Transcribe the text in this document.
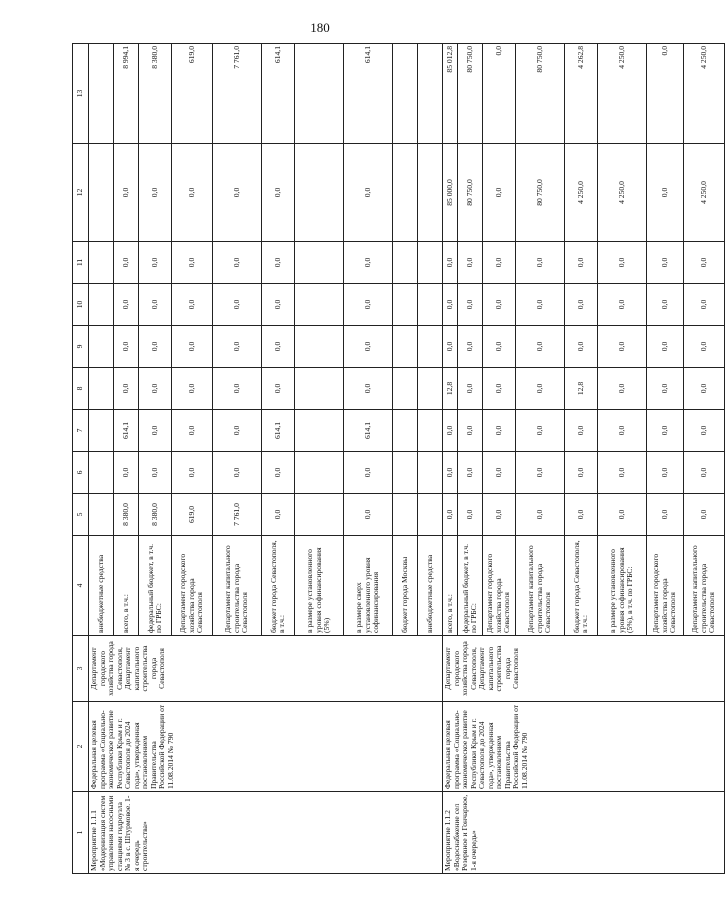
180
1	2	3	4	5	6	7	8	9	10	11	12	13
Мероприятие 1.1.1 «Модернизация систем управления насосными станциями гидроузла № 3 в с. Штурмовое. 1-я очередь строительства»	Федеральная целевая программа «Социально-экономическое развитие Республики Крым и г. Севастополя до 2024 года», утвержденная постановлением Правительства Российской Федерации от 11.08.2014 № 790	Департамент городского хозяйства города Севастополя, Департамент капитального строительства города Севастополя	внебюджетные средства									
			всего, в т.ч.:	8 380,0	0,0	614,1	0,0	0,0	0,0	0,0	0,0	8 994,1
			федеральный бюджет, в т.ч. по ГРБС:	8 380,0	0,0	0,0	0,0	0,0	0,0	0,0	0,0	8 380,0
			Департамент городского хозяйства города Севастополя	619,0	0,0	0,0	0,0	0,0	0,0	0,0	0,0	619,0
			Департамент капитального строительства города Севастополя	7 761,0	0,0	0,0	0,0	0,0	0,0	0,0	0,0	7 761,0
			бюджет города Севастополя, в т.ч.:	0,0	0,0	614,1	0,0	0,0	0,0	0,0	0,0	614,1
			в размере установленного уровня софинансирования (5%)									
			в размере сверх установленного уровня софинансирования	0,0	0,0	614,1	0,0	0,0	0,0	0,0	0,0	614,1
			бюджет города Москвы									
			внебюджетные средства									
Мероприятие 1.1.2 «Водоснабжение сел Резервное и Гончарное, 1-я очередь»	Федеральная целевая программа «Социально-экономическое развитие Республики Крым и г. Севастополя до 2024 года», утвержденная постановлением Правительства Российской Федерации от 11.08.2014 № 790	Департамент городского хозяйства города Севастополя, Департамент капитального строительства города Севастополя	всего, в т.ч.:	0,0	0,0	0,0	12,8	0,0	0,0	0,0	85 000,0	85 012,8
			федеральный бюджет, в т.ч. по ГРБС:	0,0	0,0	0,0	0,0	0,0	0,0	0,0	80 750,0	80 750,0
			Департамент городского хозяйства города Севастополя	0,0	0,0	0,0	0,0	0,0	0,0	0,0	0,0	0,0
			Департамент капитального строительства города Севастополя	0,0	0,0	0,0	0,0	0,0	0,0	0,0	80 750,0	80 750,0
			бюджет города Севастополя, в т.ч.:	0,0	0,0	0,0	12,8	0,0	0,0	0,0	4 250,0	4 262,8
			в размере установленного уровня софинансирования (5%), в т.ч. по ГРБС:	0,0	0,0	0,0	0,0	0,0	0,0	0,0	4 250,0	4 250,0
			Департамент городского хозяйства города Севастополя	0,0	0,0	0,0	0,0	0,0	0,0	0,0	0,0	0,0
			Департамент капитального строительства города Севастополя	0,0	0,0	0,0	0,0	0,0	0,0	0,0	4 250,0	4 250,0
